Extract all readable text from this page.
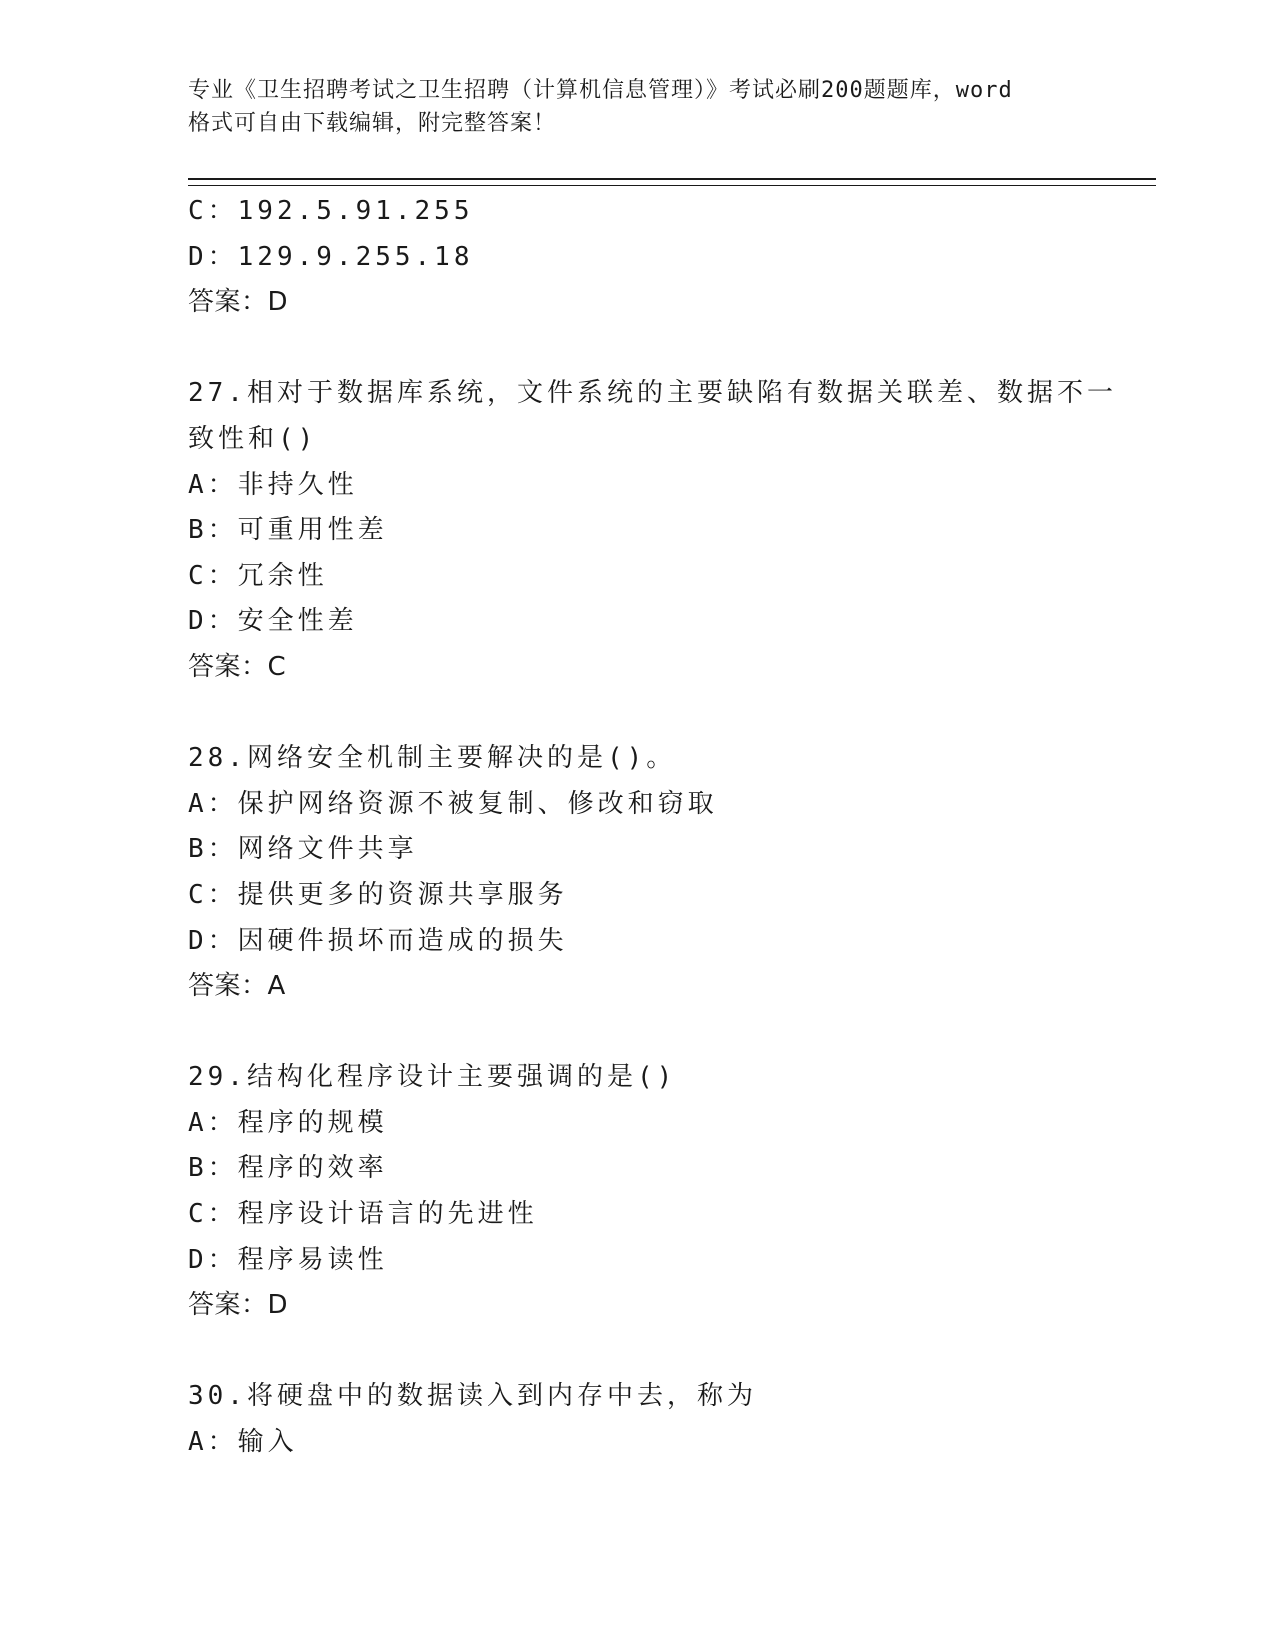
专业《卫生招聘考试之卫生招聘（计算机信息管理）》考试必刷200题题库，word
格式可自由下载编辑，附完整答案！
C：192.5.91.255
D：129.9.255.18
答案：D
27.相对于数据库系统，文件系统的主要缺陷有数据关联差、数据不一
致性和()
A：非持久性
B：可重用性差
C：冗余性
D：安全性差
答案：C
28.网络安全机制主要解决的是()。
A：保护网络资源不被复制、修改和窃取
B：网络文件共享
C：提供更多的资源共享服务
D：因硬件损坏而造成的损失
答案：A
29.结构化程序设计主要强调的是()
A：程序的规模
B：程序的效率
C：程序设计语言的先进性
D：程序易读性
答案：D
30.将硬盘中的数据读入到内存中去，称为
A：输入
